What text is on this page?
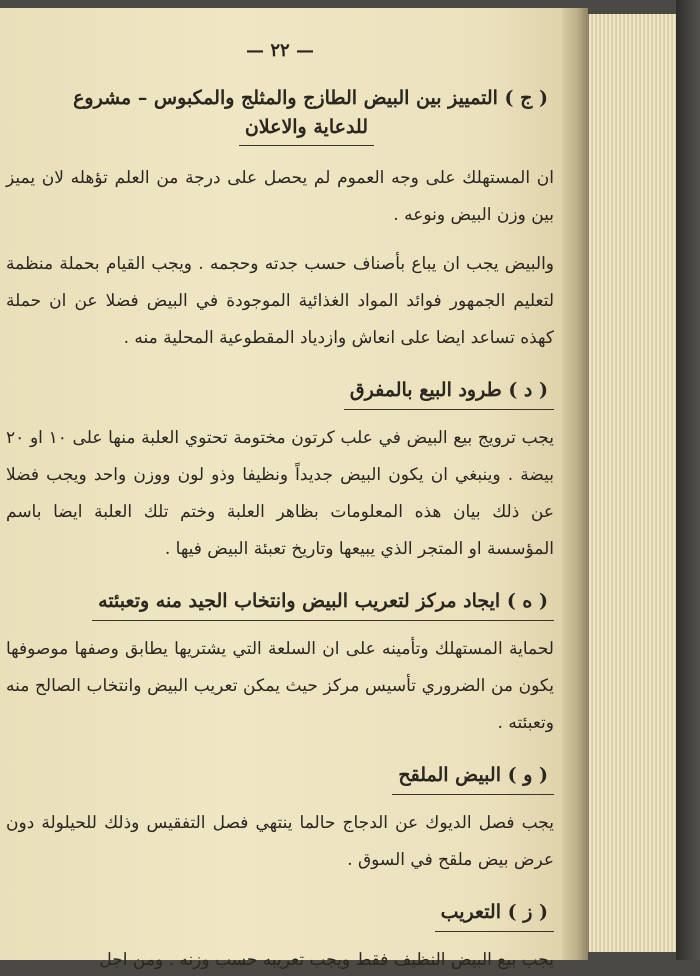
— ٢٢ —
( ج ) التمييز بين البيض الطازج والمثلج والمكبوس – مشروع
للدعاية والاعلان

ان المستهلك على وجه العموم لم يحصل على درجة من العلم تؤهله لان يميز بين وزن البيض ونوعه .

والبيض يجب ان يباع بأصناف حسب جدته وحجمه . ويجب القيام بحملة منظمة لتعليم الجمهور فوائد المواد الغذائية الموجودة في البيض فضلا عن ان حملة كهذه تساعد ايضا على انعاش وازدياد المقطوعية المحلية منه .

( د ) طرود البيع بالمفرق

يجب ترويج بيع البيض في علب كرتون مختومة تحتوي العلبة منها على ١٠ او ٢٠ بيضة . وينبغي ان يكون البيض جديداً ونظيفا وذو لون ووزن واحد ويجب فضلا عن ذلك بيان هذه المعلومات بظاهر العلبة وختم تلك العلبة ايضا باسم المؤسسة او المتجر الذي يبيعها وتاريخ تعبئة البيض فيها .

( ه ) ايجاد مركز لتعريب البيض وانتخاب الجيد منه وتعبئته

لحماية المستهلك وتأمينه على ان السلعة التي يشتريها يطابق وصفها موصوفها يكون من الضروري تأسيس مركز حيث يمكن تعريب البيض وانتخاب الصالح منه وتعبئته .

( و ) البيض الملقح

يجب فصل الديوك عن الدجاج حالما ينتهي فصل التفقيس وذلك للحيلولة دون عرض بيض ملقح في السوق .

( ز ) التعريب

يجب بيع البيض النظيف فقط ويجب تعريبه حسب وزنه . ومن اجل
